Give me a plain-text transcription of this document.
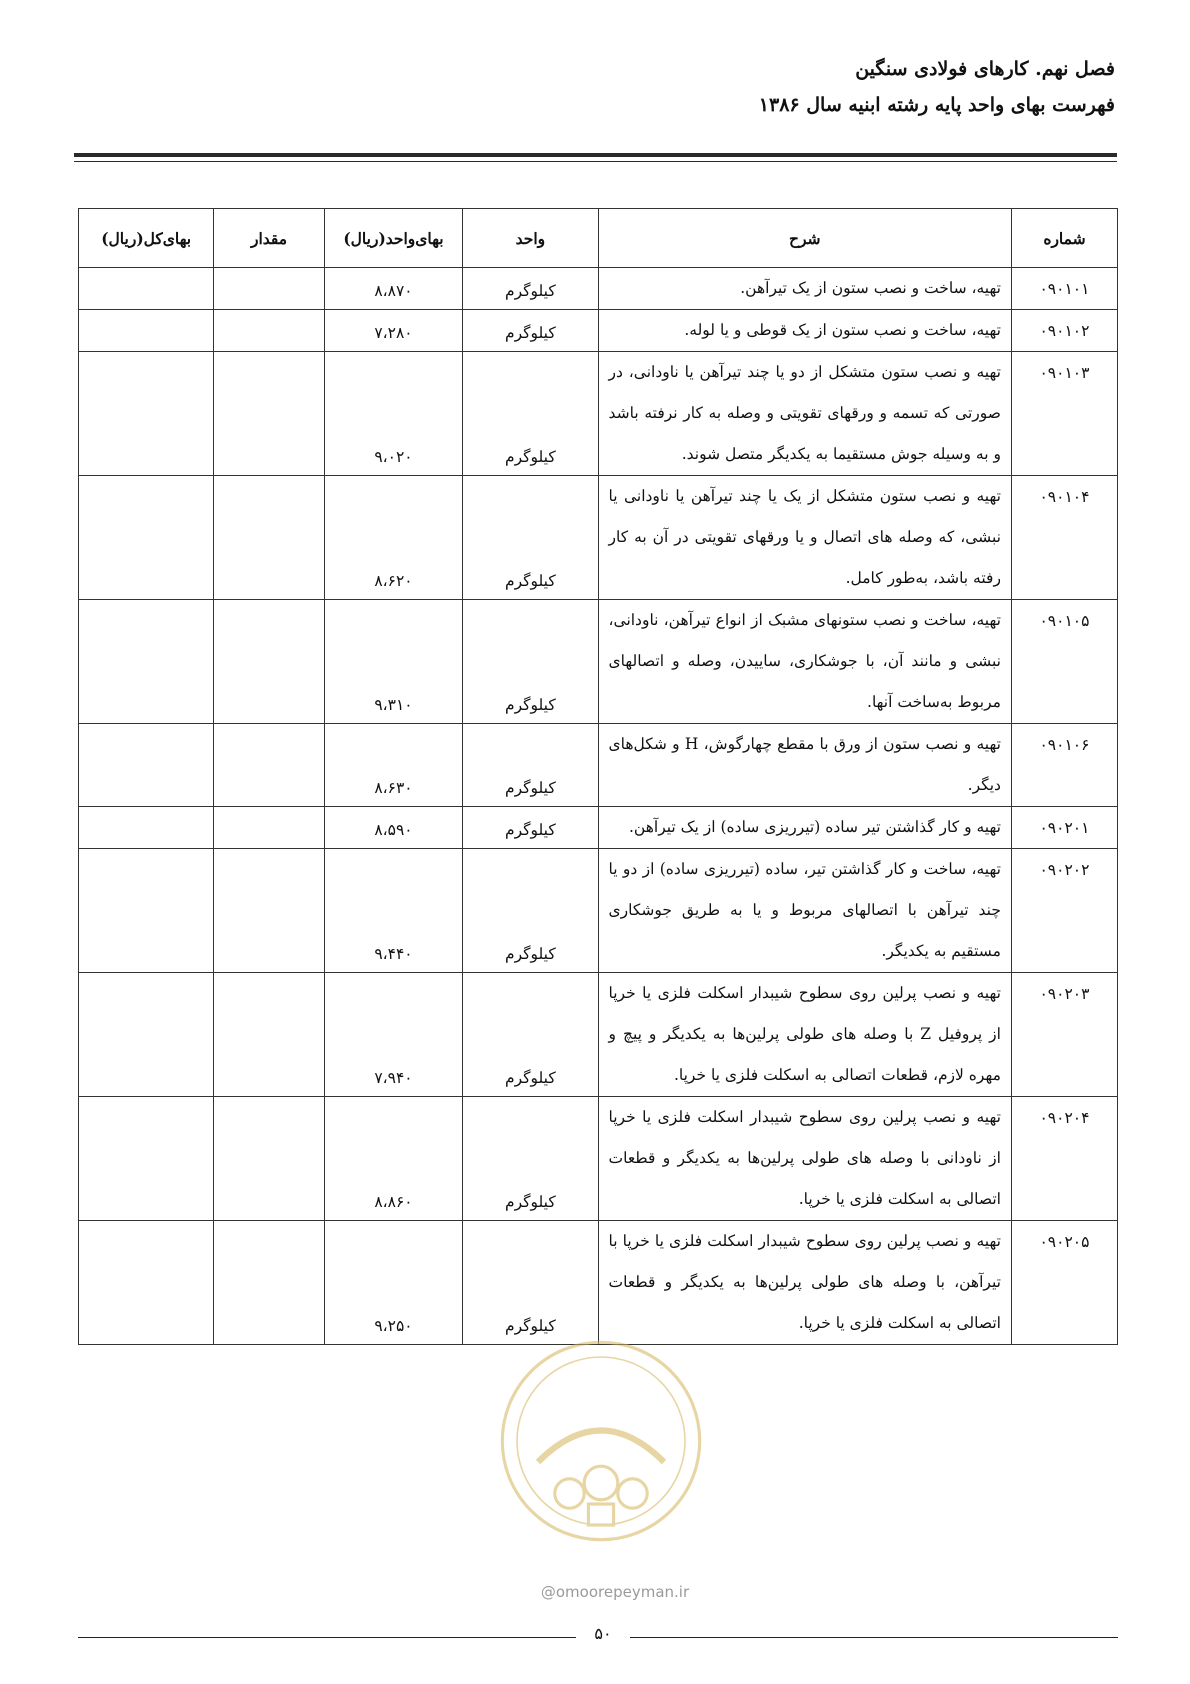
فصل نهم. کارهای فولادی سنگین
فهرست بهای واحد پایه رشته ابنیه سال ۱۳۸۶
شماره	شرح	واحد	بهای‌واحد(ریال)	مقدار	بهای‌کل(ریال)
۰۹۰۱۰۱	تهیه، ساخت و نصب ستون از یک تیرآهن.	کیلوگرم	۸،۸۷۰		
۰۹۰۱۰۲	تهیه، ساخت و نصب ستون از یک قوطی و یا لوله.	کیلوگرم	۷،۲۸۰		
۰۹۰۱۰۳	تهیه و نصب ستون متشکل از دو یا چند تیرآهن یا ناودانی، در صورتی که تسمه و ورقهای تقویتی و وصله به کار نرفته باشد و به وسیله جوش مستقیما به یکدیگر متصل شوند.	کیلوگرم	۹،۰۲۰		
۰۹۰۱۰۴	تهیه و نصب ستون متشکل از یک یا چند تیرآهن یا ناودانی یا نبشی، که وصله های اتصال و یا ورقهای تقویتی در آن به کار رفته باشد، به‌طور کامل.	کیلوگرم	۸،۶۲۰		
۰۹۰۱۰۵	تهیه، ساخت و نصب ستونهای مشبک از انواع تیرآهن، ناودانی، نبشی و مانند آن، با جوشکاری، ساییدن، وصله و اتصالهای مربوط به‌ساخت آنها.	کیلوگرم	۹،۳۱۰		
۰۹۰۱۰۶	تهیه و نصب ستون از ورق با مقطع چهارگوش، H و شکل‌های دیگر.	کیلوگرم	۸،۶۳۰		
۰۹۰۲۰۱	تهیه و کار گذاشتن تیر ساده (تیرریزی ساده) از یک تیرآهن.	کیلوگرم	۸،۵۹۰		
۰۹۰۲۰۲	تهیه، ساخت و کار گذاشتن تیر، ساده (تیرریزی ساده) از دو یا چند تیرآهن با اتصالهای مربوط و یا به طریق جوشکاری مستقیم به یکدیگر.	کیلوگرم	۹،۴۴۰		
۰۹۰۲۰۳	تهیه و نصب پرلین روی سطوح شیبدار اسکلت فلزی یا خرپا از پروفیل Z با وصله های طولی پرلین‌ها به یکدیگر و پیچ و مهره لازم، قطعات اتصالی به اسکلت فلزی یا خرپا.	کیلوگرم	۷،۹۴۰		
۰۹۰۲۰۴	تهیه و نصب پرلین روی سطوح شیبدار اسکلت فلزی یا خرپا از ناودانی با وصله های طولی پرلین‌ها به یکدیگر و قطعات اتصالی به اسکلت فلزی یا خرپا.	کیلوگرم	۸،۸۶۰		
۰۹۰۲۰۵	تهیه و نصب پرلین روی سطوح شیبدار اسکلت فلزی یا خرپا با تیرآهن، با وصله های طولی پرلین‌ها به یکدیگر و قطعات اتصالی به اسکلت فلزی یا خرپا.	کیلوگرم	۹،۲۵۰		
@omoorepeyman.ir
۵۰
